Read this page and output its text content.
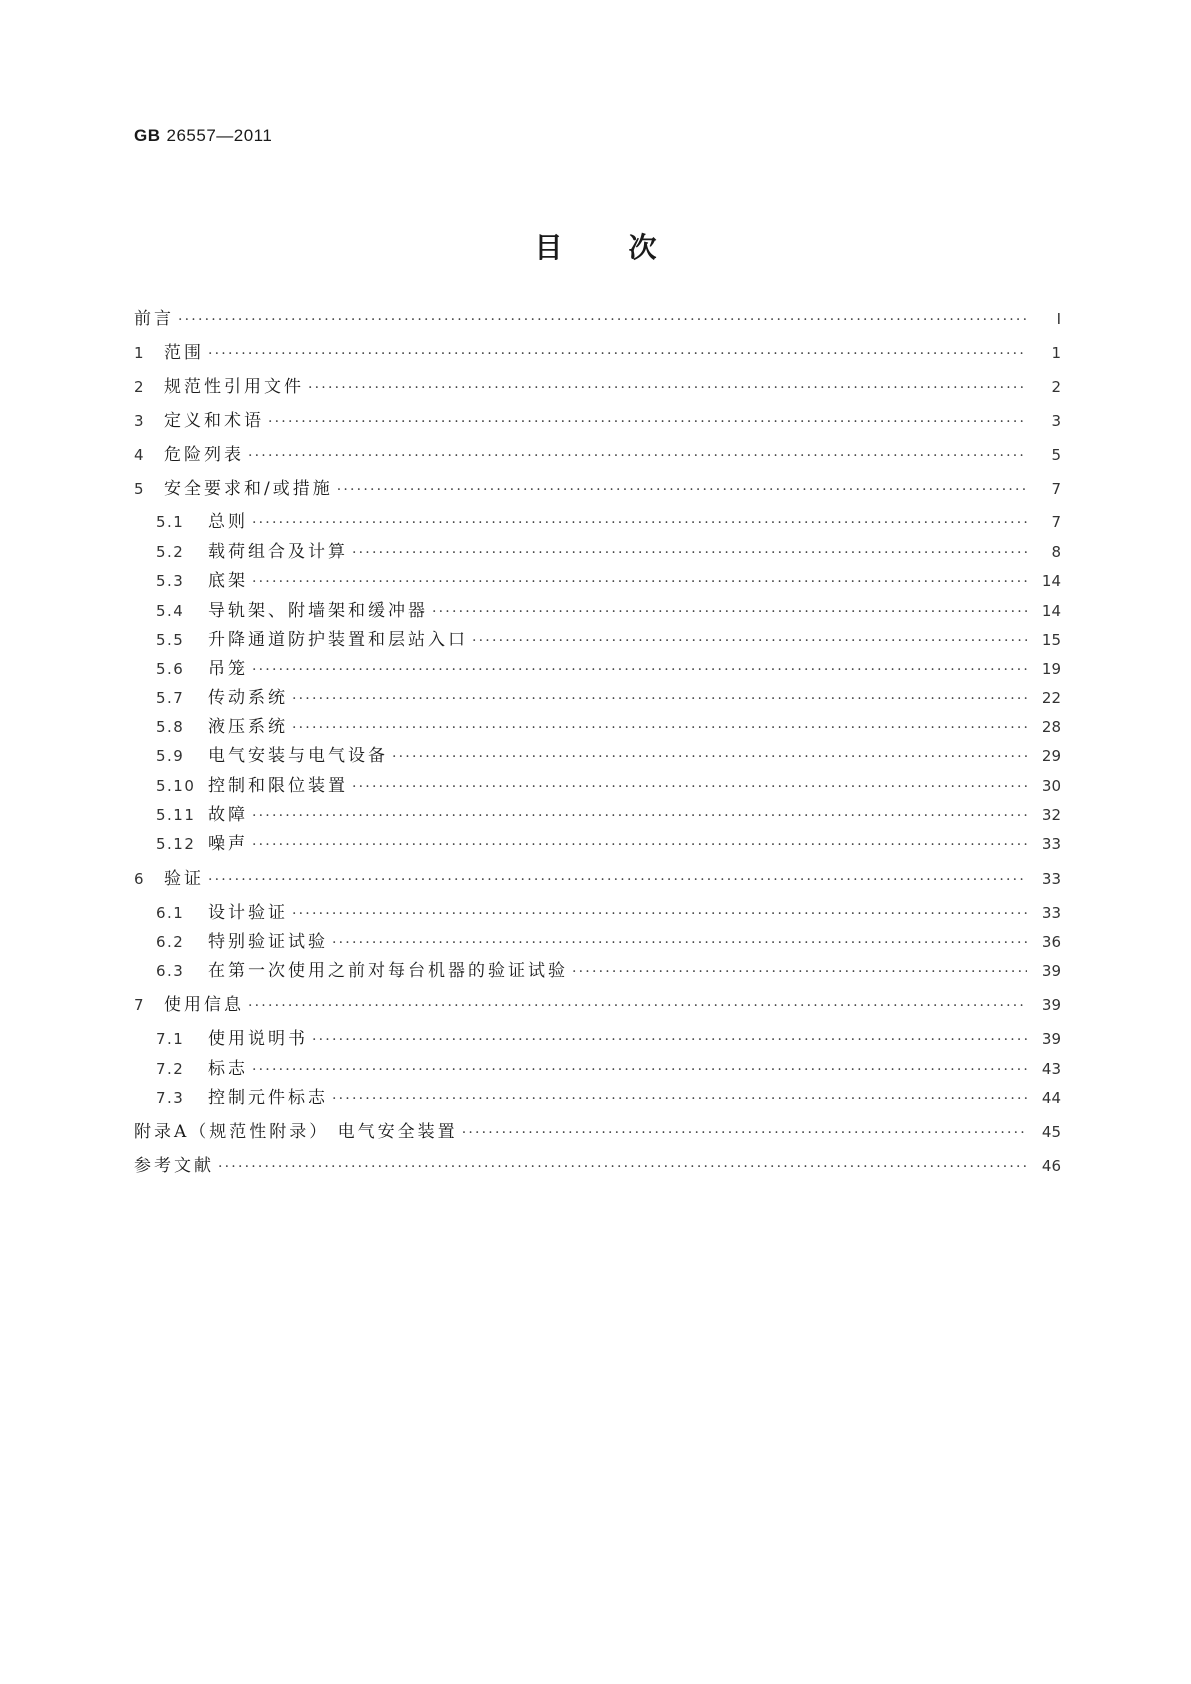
GB 26557—2011
目次
前言 ·····	Ⅰ
1	范围 ·····	1
2	规范性引用文件 ·····	2
3	定义和术语 ·····	3
4	危险列表 ·····	5
5	安全要求和/或措施 ·····	7
5.1	总则 ·····	7
5.2	载荷组合及计算 ·····	8
5.3	底架 ·····	14
5.4	导轨架、附墙架和缓冲器 ·····	14
5.5	升降通道防护装置和层站入口 ·····	15
5.6	吊笼 ·····	19
5.7	传动系统 ·····	22
5.8	液压系统 ·····	28
5.9	电气安装与电气设备 ·····	29
5.10 控制和限位装置 ·····	30
5.11 故障 ·····	32
5.12 噪声 ·····	33
6	验证 ·····	33
6.1	设计验证 ·····	33
6.2	特别验证试验 ·····	36
6.3	在第一次使用之前对每台机器的验证试验 ·····	39
7	使用信息 ·····	39
7.1	使用说明书 ·····	39
7.2	标志 ·····	43
7.3	控制元件标志 ·····	44
附录A（规范性附录） 电气安全装置 ·····	45
参考文献 ·····	46
